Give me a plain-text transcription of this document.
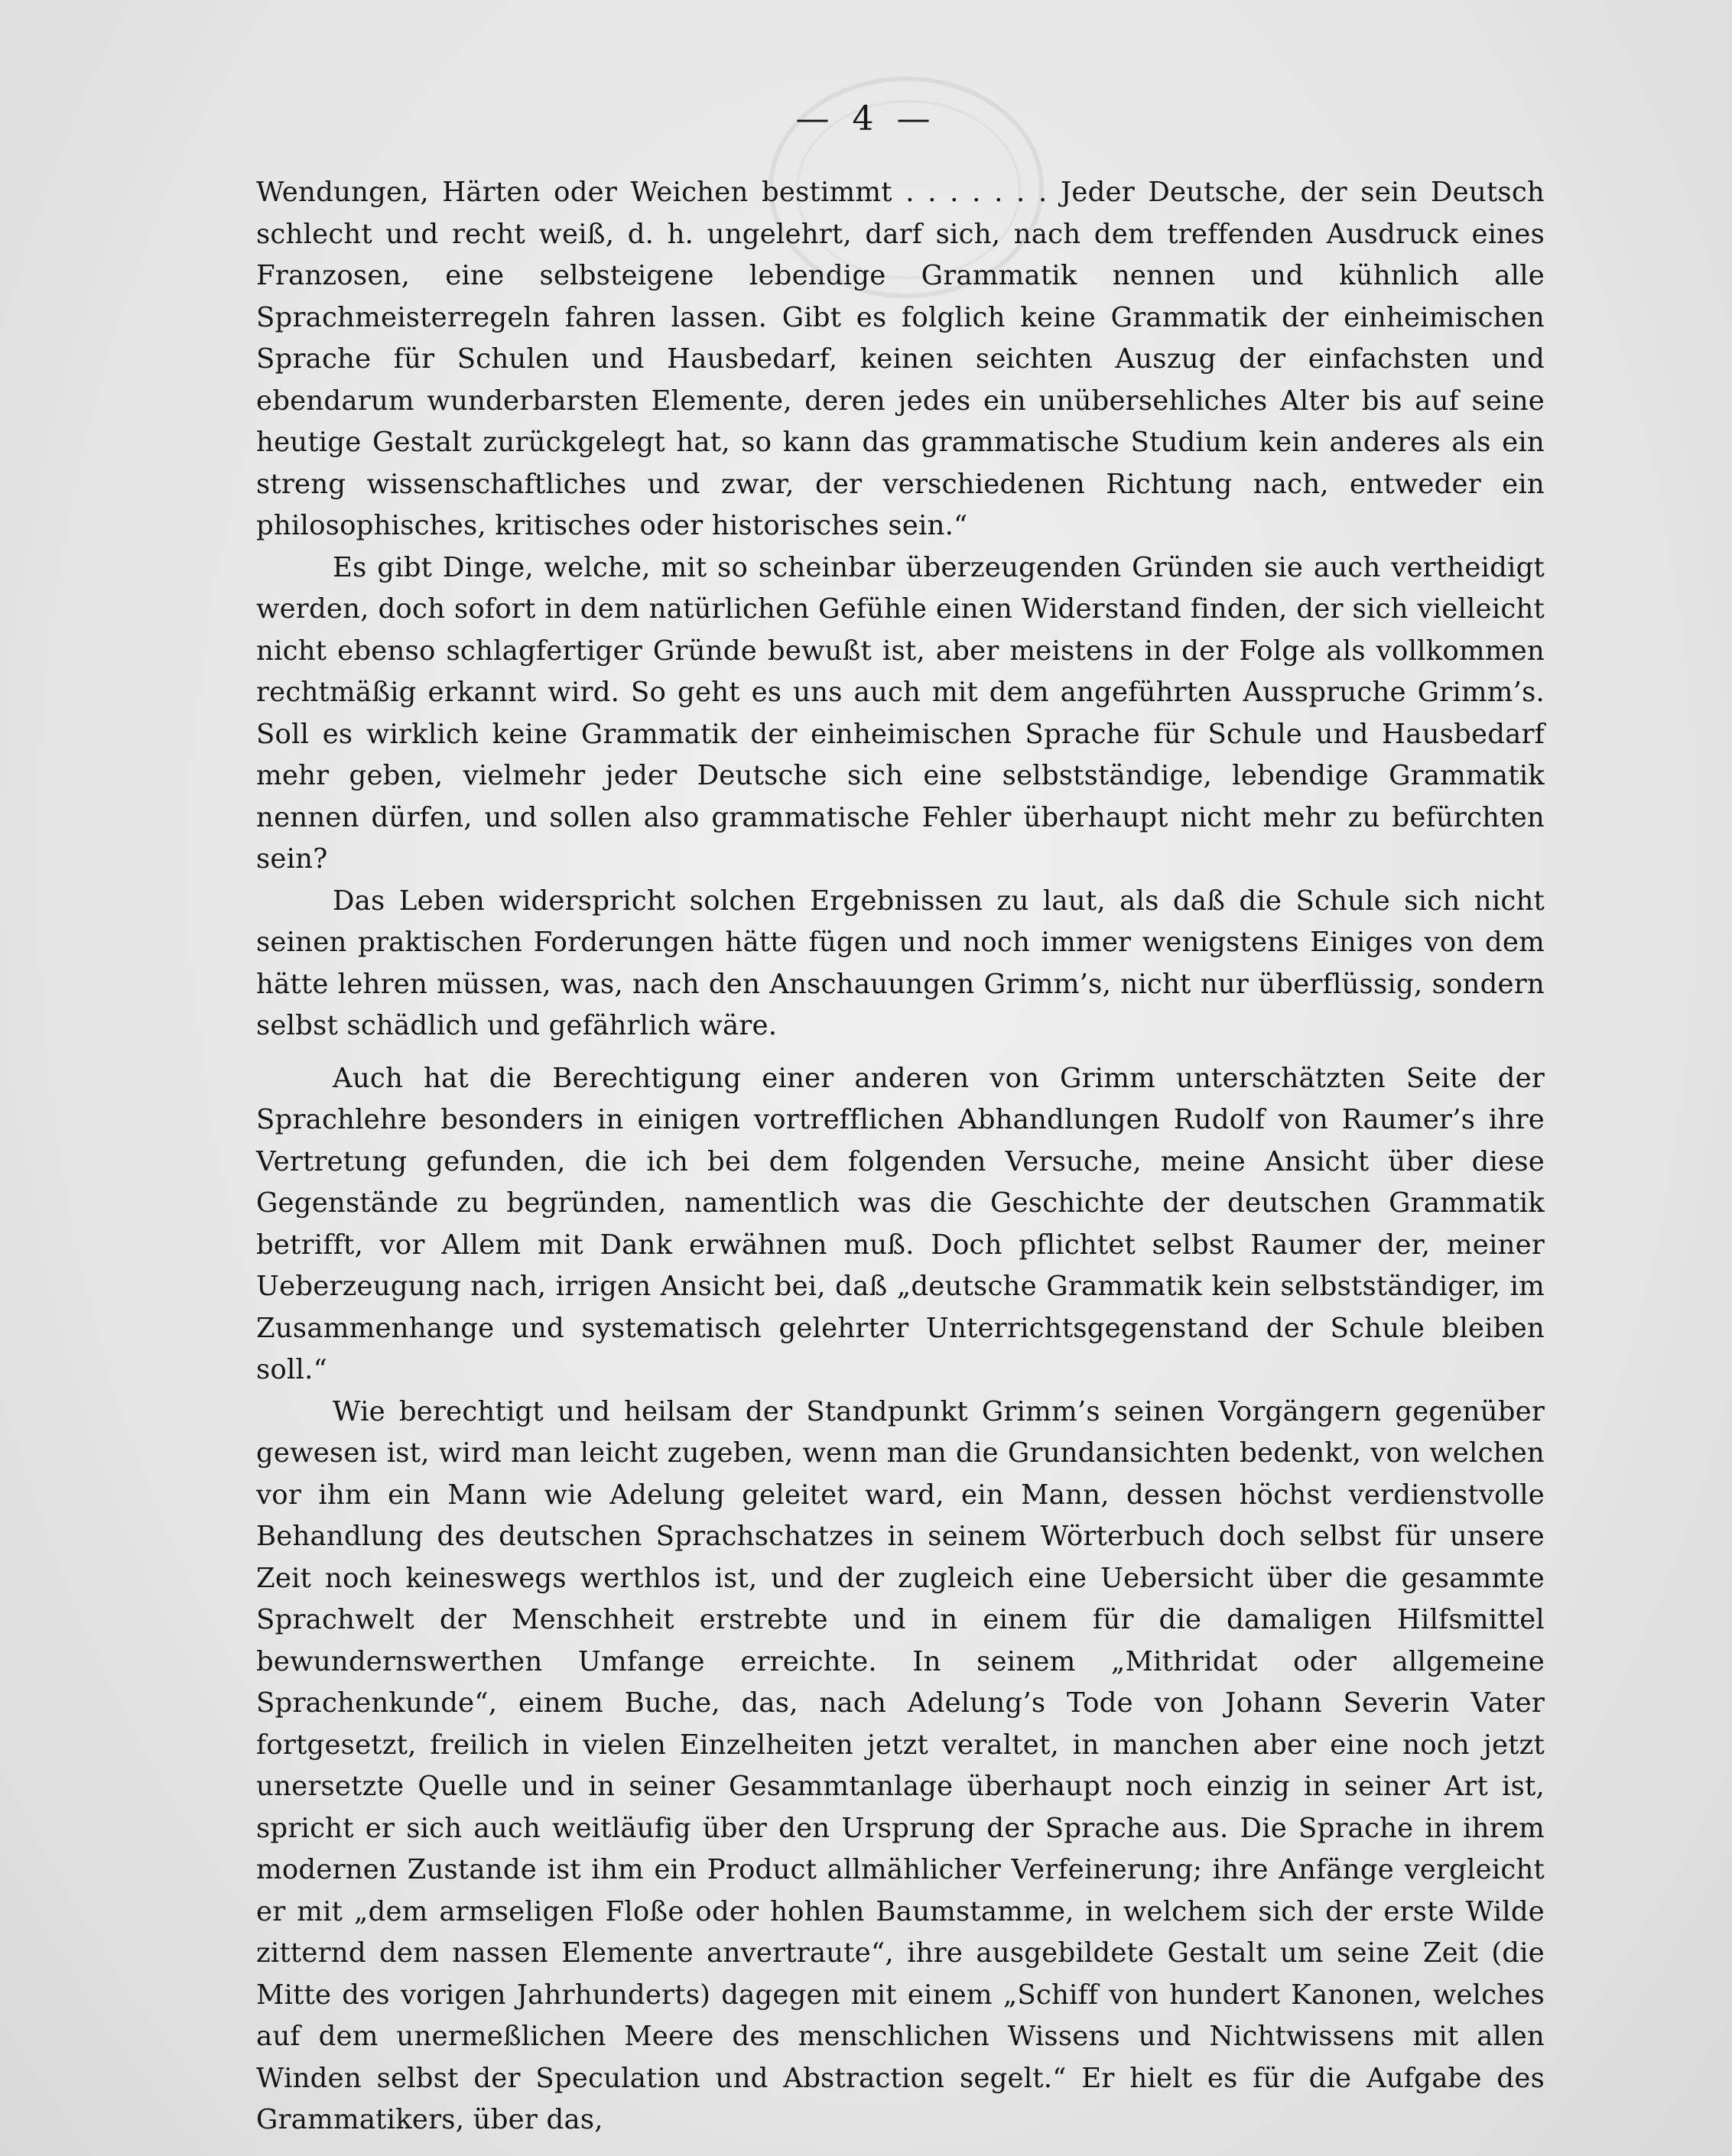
— 4 —

Wendungen, Härten oder Weichen bestimmt . . . . . . . Jeder Deutsche, der sein Deutsch schlecht und recht weiß, d. h. ungelehrt, darf sich, nach dem treffenden Ausdruck eines Franzosen, eine selbsteigene lebendige Grammatik nennen und kühnlich alle Sprachmeisterregeln fahren lassen. Gibt es folglich keine Grammatik der einheimischen Sprache für Schulen und Hausbedarf, keinen seichten Auszug der einfachsten und ebendarum wunderbarsten Elemente, deren jedes ein unübersehliches Alter bis auf seine heutige Gestalt zurückgelegt hat, so kann das grammatische Studium kein anderes als ein streng wissenschaftliches und zwar, der verschiedenen Richtung nach, entweder ein philosophisches, kritisches oder historisches sein.“

Es gibt Dinge, welche, mit so scheinbar überzeugenden Gründen sie auch vertheidigt werden, doch sofort in dem natürlichen Gefühle einen Widerstand finden, der sich vielleicht nicht ebenso schlagfertiger Gründe bewußt ist, aber meistens in der Folge als vollkommen rechtmäßig erkannt wird. So geht es uns auch mit dem angeführten Ausspruche Grimm’s. Soll es wirklich keine Grammatik der einheimischen Sprache für Schule und Hausbedarf mehr geben, vielmehr jeder Deutsche sich eine selbstständige, lebendige Grammatik nennen dürfen, und sollen also grammatische Fehler überhaupt nicht mehr zu befürchten sein?

Das Leben widerspricht solchen Ergebnissen zu laut, als daß die Schule sich nicht seinen praktischen Forderungen hätte fügen und noch immer wenigstens Einiges von dem hätte lehren müssen, was, nach den Anschauungen Grimm’s, nicht nur überflüssig, sondern selbst schädlich und gefährlich wäre.

Auch hat die Berechtigung einer anderen von Grimm unterschätzten Seite der Sprachlehre besonders in einigen vortrefflichen Abhandlungen Rudolf von Raumer’s ihre Vertretung gefunden, die ich bei dem folgenden Versuche, meine Ansicht über diese Gegenstände zu begründen, namentlich was die Geschichte der deutschen Grammatik betrifft, vor Allem mit Dank erwähnen muß. Doch pflichtet selbst Raumer der, meiner Ueberzeugung nach, irrigen Ansicht bei, daß „deutsche Grammatik kein selbstständiger, im Zusammenhange und systematisch gelehrter Unterrichtsgegenstand der Schule bleiben soll.“

Wie berechtigt und heilsam der Standpunkt Grimm’s seinen Vorgängern gegenüber gewesen ist, wird man leicht zugeben, wenn man die Grundansichten bedenkt, von welchen vor ihm ein Mann wie Adelung geleitet ward, ein Mann, dessen höchst verdienstvolle Behandlung des deutschen Sprachschatzes in seinem Wörterbuch doch selbst für unsere Zeit noch keineswegs werthlos ist, und der zugleich eine Uebersicht über die gesammte Sprachwelt der Menschheit erstrebte und in einem für die damaligen Hilfsmittel bewundernswerthen Umfange erreichte. In seinem „Mithridat oder allgemeine Sprachenkunde“, einem Buche, das, nach Adelung’s Tode von Johann Severin Vater fortgesetzt, freilich in vielen Einzelheiten jetzt veraltet, in manchen aber eine noch jetzt unersetzte Quelle und in seiner Gesammtanlage überhaupt noch einzig in seiner Art ist, spricht er sich auch weitläufig über den Ursprung der Sprache aus. Die Sprache in ihrem modernen Zustande ist ihm ein Product allmählicher Verfeinerung; ihre Anfänge vergleicht er mit „dem armseligen Floße oder hohlen Baumstamme, in welchem sich der erste Wilde zitternd dem nassen Elemente anvertraute“, ihre ausgebildete Gestalt um seine Zeit (die Mitte des vorigen Jahrhunderts) dagegen mit einem „Schiff von hundert Kanonen, welches auf dem unermeßlichen Meere des menschlichen Wissens und Nichtwissens mit allen Winden selbst der Speculation und Abstraction segelt.“ Er hielt es für die Aufgabe des Grammatikers, über das,
